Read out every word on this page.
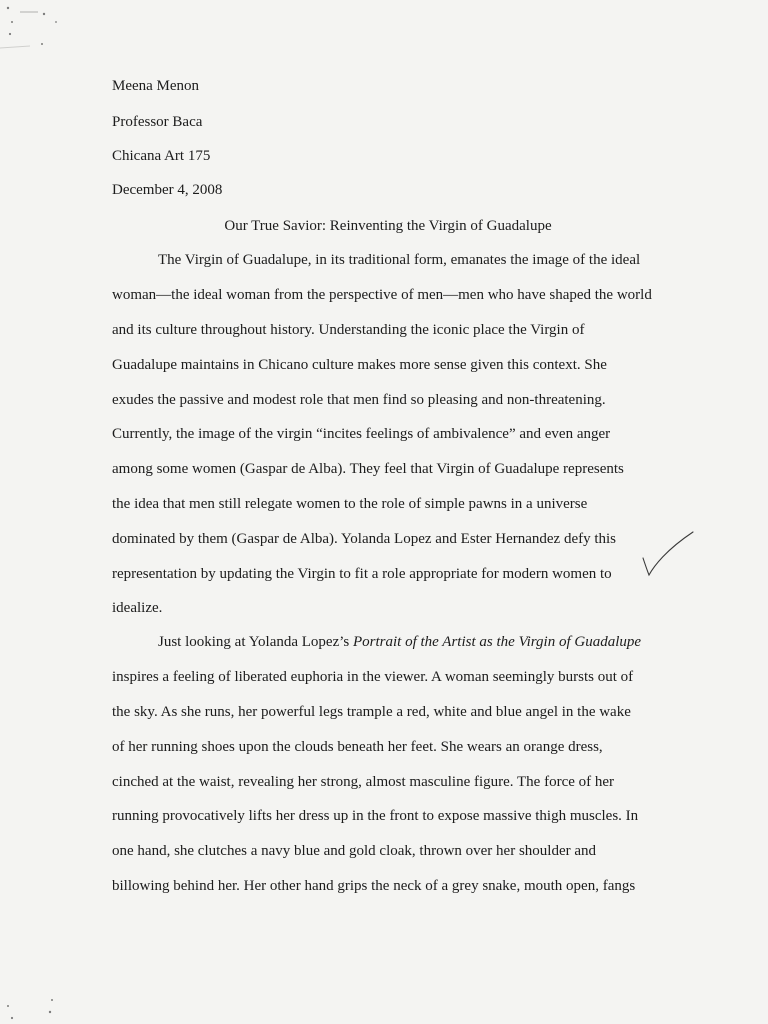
Meena Menon

Professor Baca

Chicana Art 175

December 4, 2008

Our True Savior: Reinventing the Virgin of Guadalupe

The Virgin of Guadalupe, in its traditional form, emanates the image of the ideal

woman—the ideal woman from the perspective of men—men who have shaped the world

and its culture throughout history. Understanding the iconic place the Virgin of

Guadalupe maintains in Chicano culture makes more sense given this context. She

exudes the passive and modest role that men find so pleasing and non-threatening.

Currently, the image of the virgin “incites feelings of ambivalence” and even anger

among some women (Gaspar de Alba). They feel that Virgin of Guadalupe represents

the idea that men still relegate women to the role of simple pawns in a universe

dominated by them (Gaspar de Alba). Yolanda Lopez and Ester Hernandez defy this

representation by updating the Virgin to fit a role appropriate for modern women to

idealize.

Just looking at Yolanda Lopez’s Portrait of the Artist as the Virgin of Guadalupe

inspires a feeling of liberated euphoria in the viewer. A woman seemingly bursts out of

the sky. As she runs, her powerful legs trample a red, white and blue angel in the wake

of her running shoes upon the clouds beneath her feet. She wears an orange dress,

cinched at the waist, revealing her strong, almost masculine figure. The force of her

running provocatively lifts her dress up in the front to expose massive thigh muscles. In

one hand, she clutches a navy blue and gold cloak, thrown over her shoulder and

billowing behind her. Her other hand grips the neck of a grey snake, mouth open, fangs
